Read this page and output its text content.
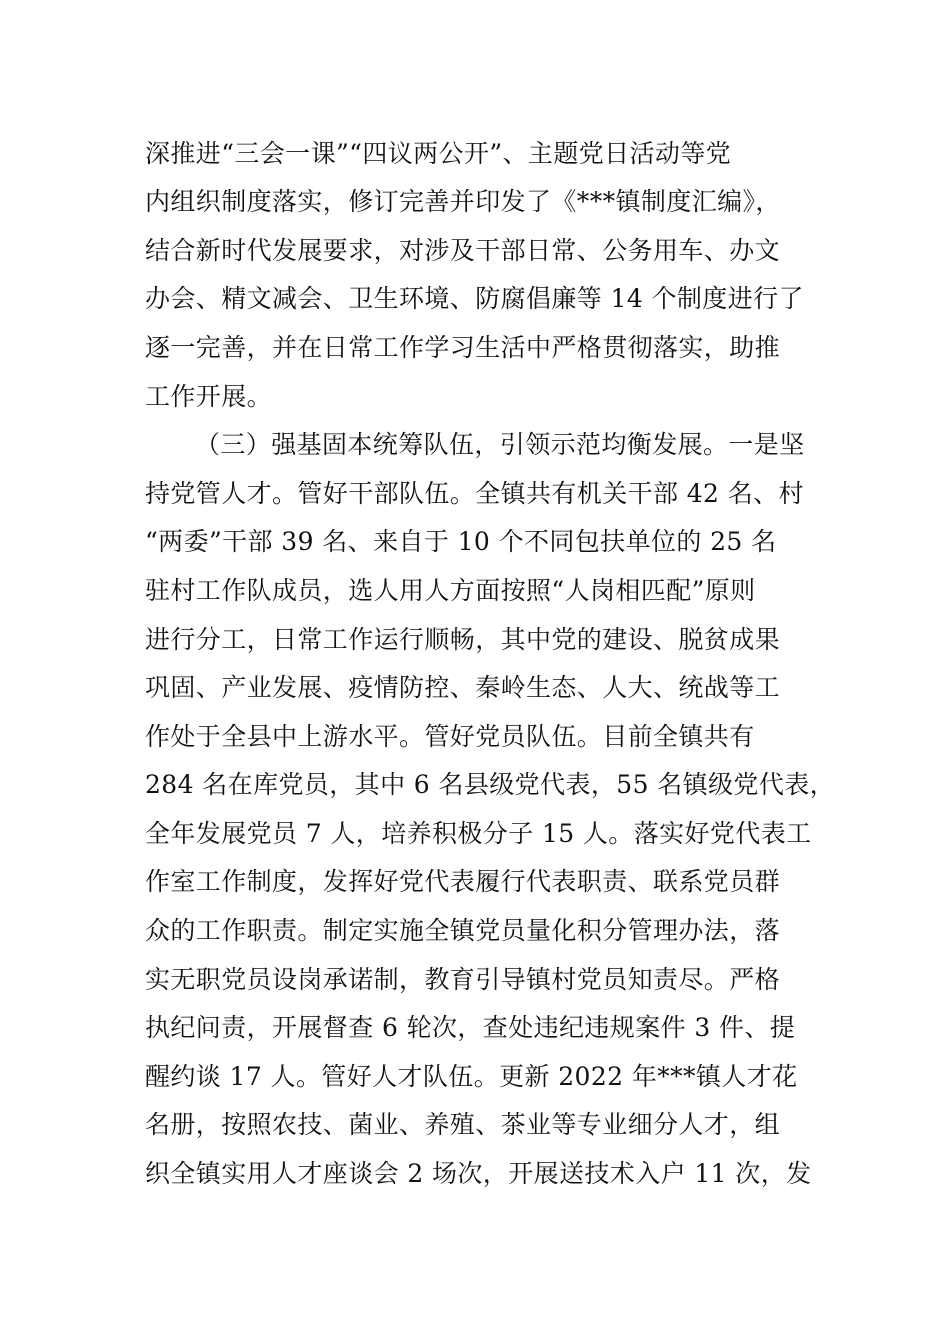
深推进“三会一课”“四议两公开”、主题党日活动等党
内组织制度落实，修订完善并印发了《***镇制度汇编》，
结合新时代发展要求，对涉及干部日常、公务用车、办文
办会、精文减会、卫生环境、防腐倡廉等 14 个制度进行了
逐一完善，并在日常工作学习生活中严格贯彻落实，助推
工作开展。
（三）强基固本统筹队伍，引领示范均衡发展。一是坚
持党管人才。管好干部队伍。全镇共有机关干部 42 名、村
“两委”干部 39 名、来自于 10 个不同包扶单位的 25 名
驻村工作队成员，选人用人方面按照“人岗相匹配”原则
进行分工，日常工作运行顺畅，其中党的建设、脱贫成果
巩固、产业发展、疫情防控、秦岭生态、人大、统战等工
作处于全县中上游水平。管好党员队伍。目前全镇共有
284 名在库党员，其中 6 名县级党代表，55 名镇级党代表，
全年发展党员 7 人，培养积极分子 15 人。落实好党代表工
作室工作制度，发挥好党代表履行代表职责、联系党员群
众的工作职责。制定实施全镇党员量化积分管理办法，落
实无职党员设岗承诺制，教育引导镇村党员知责尽。严格
执纪问责，开展督查 6 轮次，查处违纪违规案件 3 件、提
醒约谈 17 人。管好人才队伍。更新 2022 年***镇人才花
名册，按照农技、菌业、养殖、茶业等专业细分人才，组
织全镇实用人才座谈会 2 场次，开展送技术入户 11 次，发
